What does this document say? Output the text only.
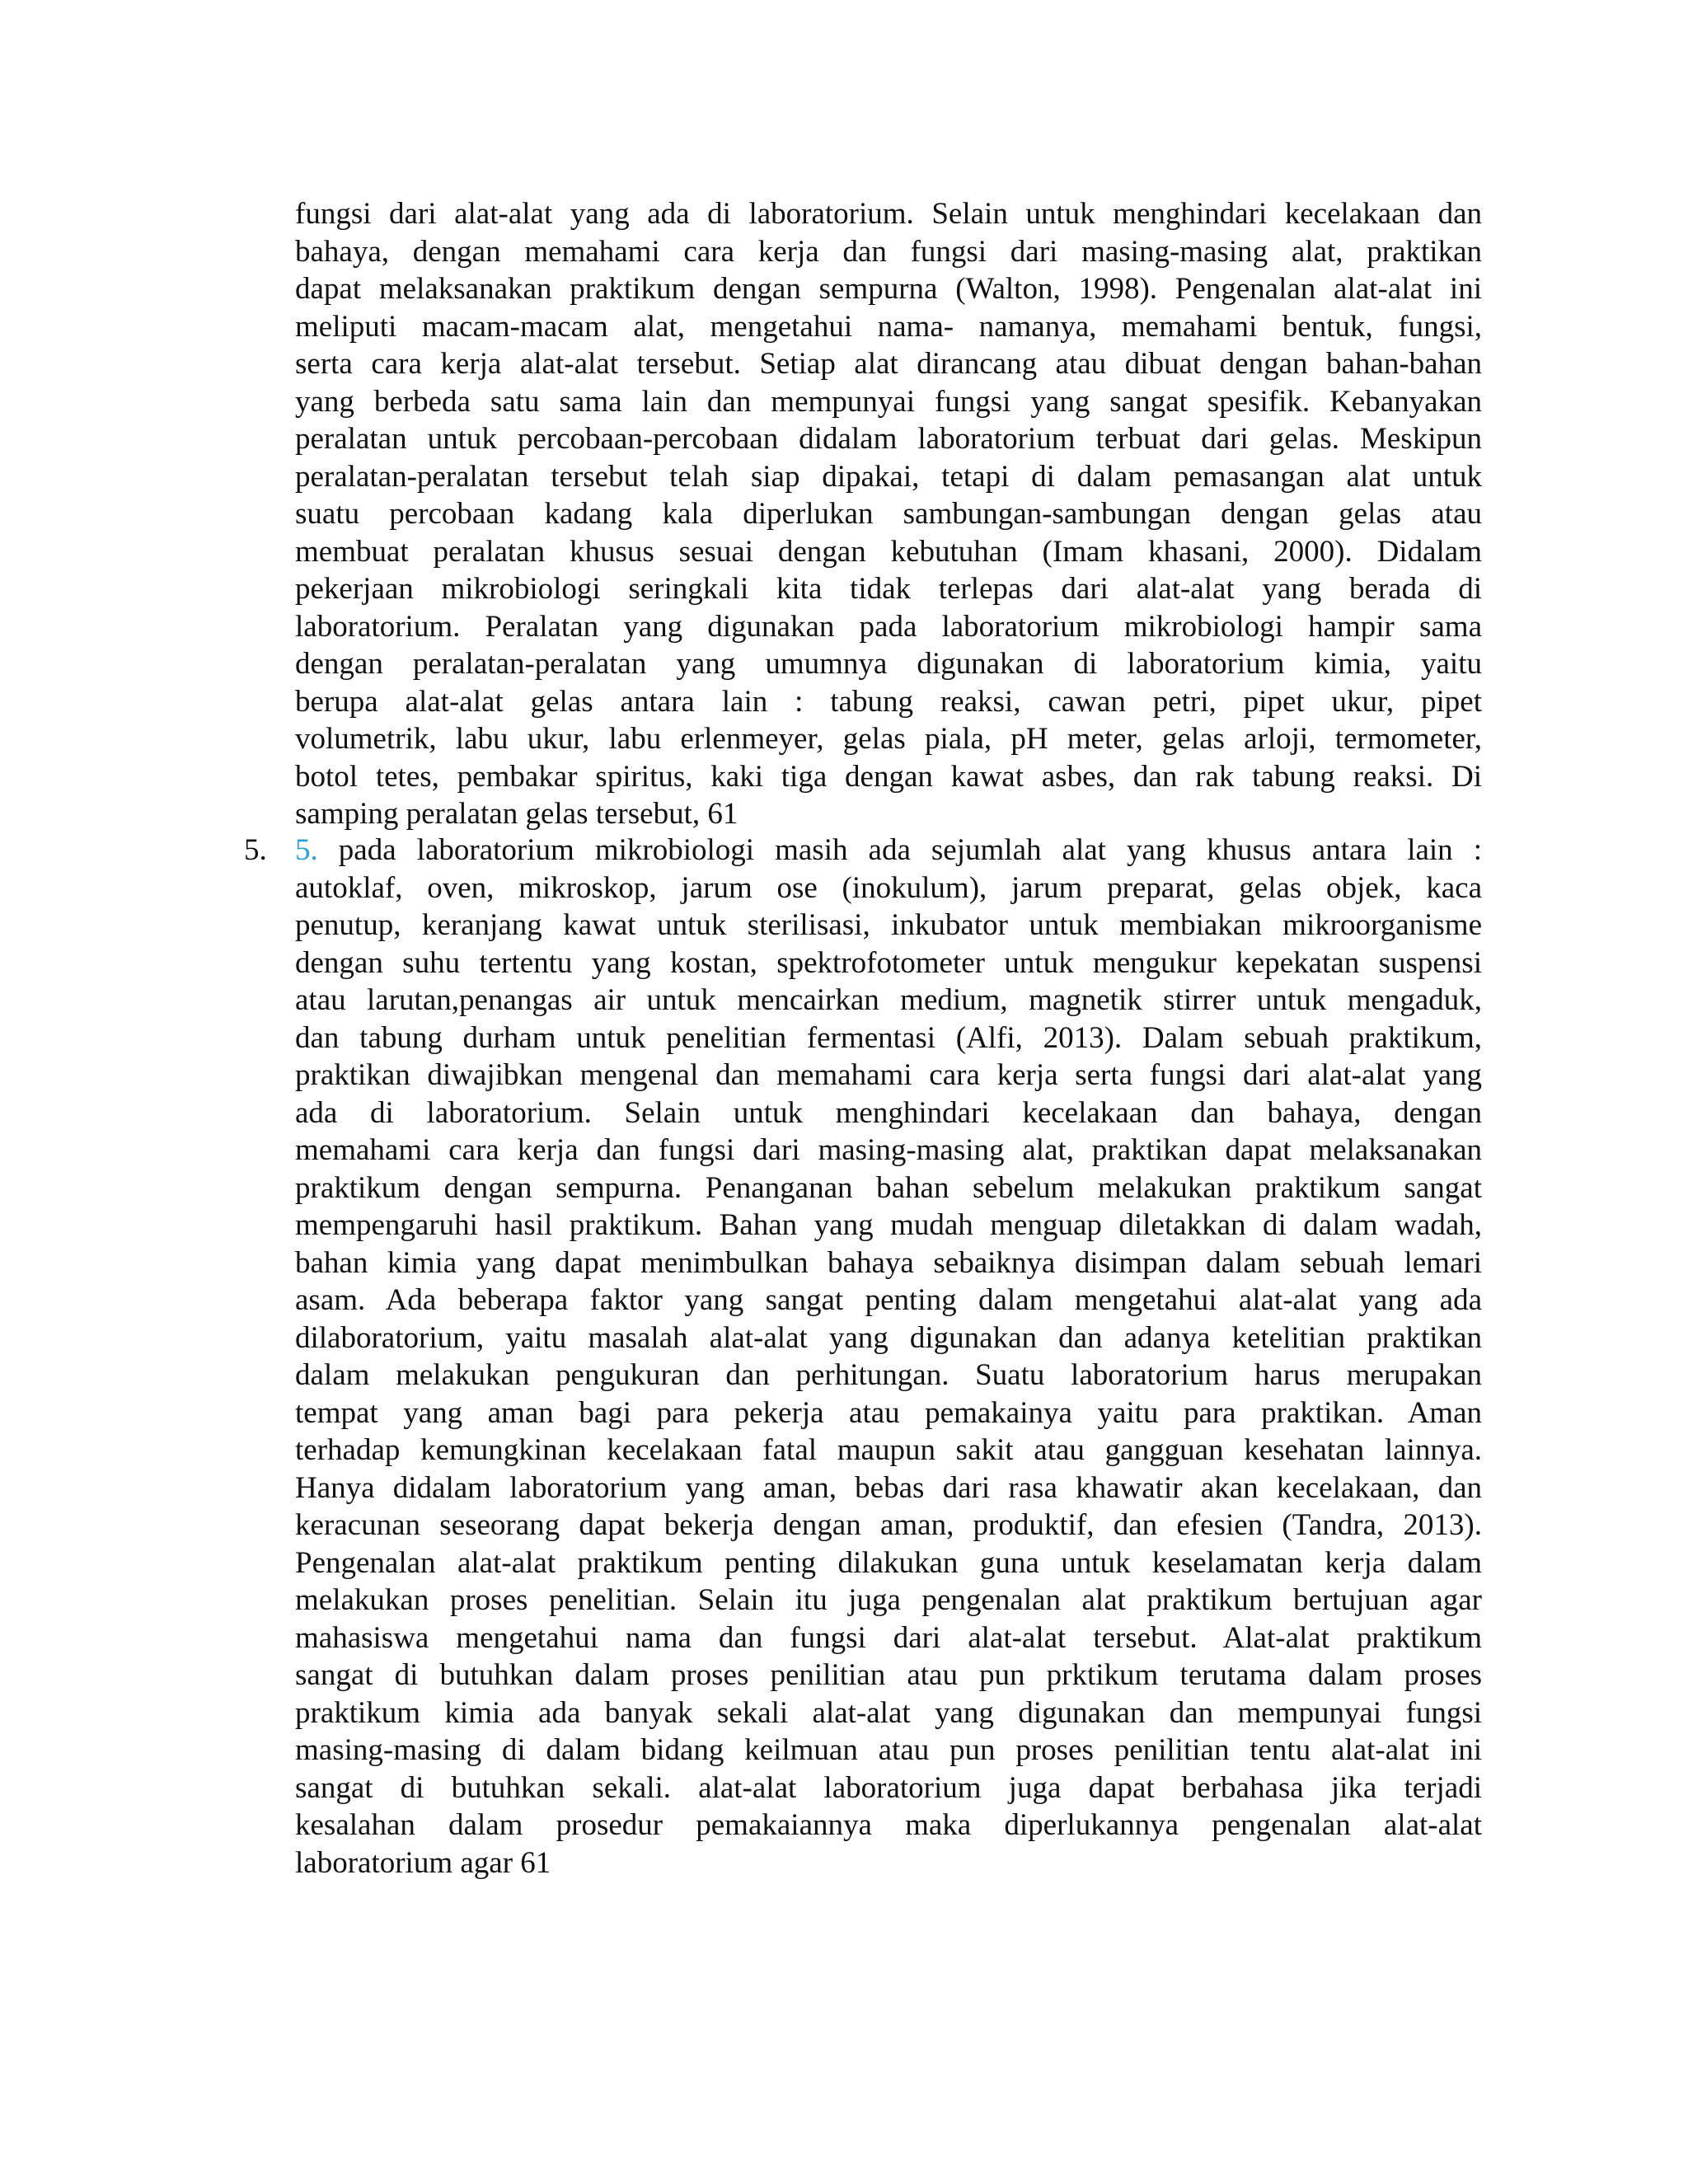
fungsi dari alat-alat yang ada di laboratorium. Selain untuk menghindari kecelakaan dan
bahaya, dengan memahami cara kerja dan fungsi dari masing-masing alat, praktikan
dapat melaksanakan praktikum dengan sempurna (Walton, 1998). Pengenalan alat-alat ini
meliputi macam-macam alat, mengetahui nama- namanya, memahami bentuk, fungsi,
serta cara kerja alat-alat tersebut. Setiap alat dirancang atau dibuat dengan bahan-bahan
yang berbeda satu sama lain dan mempunyai fungsi yang sangat spesifik. Kebanyakan
peralatan untuk percobaan-percobaan didalam laboratorium terbuat dari gelas. Meskipun
peralatan-peralatan tersebut telah siap dipakai, tetapi di dalam pemasangan alat untuk
suatu percobaan kadang kala diperlukan sambungan-sambungan dengan gelas atau
membuat peralatan khusus sesuai dengan kebutuhan (Imam khasani, 2000). Didalam
pekerjaan mikrobiologi seringkali kita tidak terlepas dari alat-alat yang berada di
laboratorium. Peralatan yang digunakan pada laboratorium mikrobiologi hampir sama
dengan peralatan-peralatan yang umumnya digunakan di laboratorium kimia, yaitu
berupa alat-alat gelas antara lain : tabung reaksi, cawan petri, pipet ukur, pipet
volumetrik, labu ukur, labu erlenmeyer, gelas piala, pH meter, gelas arloji, termometer,
botol tetes, pembakar spiritus, kaki tiga dengan kawat asbes, dan rak tabung reaksi. Di
samping peralatan gelas tersebut, 61
5. 5. pada laboratorium mikrobiologi masih ada sejumlah alat yang khusus antara lain :
autoklaf, oven, mikroskop, jarum ose (inokulum), jarum preparat, gelas objek, kaca
penutup, keranjang kawat untuk sterilisasi, inkubator untuk membiakan mikroorganisme
dengan suhu tertentu yang kostan, spektrofotometer untuk mengukur kepekatan suspensi
atau larutan,penangas air untuk mencairkan medium, magnetik stirrer untuk mengaduk,
dan tabung durham untuk penelitian fermentasi (Alfi, 2013). Dalam sebuah praktikum,
praktikan diwajibkan mengenal dan memahami cara kerja serta fungsi dari alat-alat yang
ada di laboratorium. Selain untuk menghindari kecelakaan dan bahaya, dengan
memahami cara kerja dan fungsi dari masing-masing alat, praktikan dapat melaksanakan
praktikum dengan sempurna. Penanganan bahan sebelum melakukan praktikum sangat
mempengaruhi hasil praktikum. Bahan yang mudah menguap diletakkan di dalam wadah,
bahan kimia yang dapat menimbulkan bahaya sebaiknya disimpan dalam sebuah lemari
asam. Ada beberapa faktor yang sangat penting dalam mengetahui alat-alat yang ada
dilaboratorium, yaitu masalah alat-alat yang digunakan dan adanya ketelitian praktikan
dalam melakukan pengukuran dan perhitungan. Suatu laboratorium harus merupakan
tempat yang aman bagi para pekerja atau pemakainya yaitu para praktikan. Aman
terhadap kemungkinan kecelakaan fatal maupun sakit atau gangguan kesehatan lainnya.
Hanya didalam laboratorium yang aman, bebas dari rasa khawatir akan kecelakaan, dan
keracunan seseorang dapat bekerja dengan aman, produktif, dan efesien (Tandra, 2013).
Pengenalan alat-alat praktikum penting dilakukan guna untuk keselamatan kerja dalam
melakukan proses penelitian. Selain itu juga pengenalan alat praktikum bertujuan agar
mahasiswa mengetahui nama dan fungsi dari alat-alat tersebut. Alat-alat praktikum
sangat di butuhkan dalam proses penilitian atau pun prktikum terutama dalam proses
praktikum kimia ada banyak sekali alat-alat yang digunakan dan mempunyai fungsi
masing-masing di dalam bidang keilmuan atau pun proses penilitian tentu alat-alat ini
sangat di butuhkan sekali. alat-alat laboratorium juga dapat berbahasa jika terjadi
kesalahan dalam prosedur pemakaiannya maka diperlukannya pengenalan alat-alat
laboratorium agar 61
